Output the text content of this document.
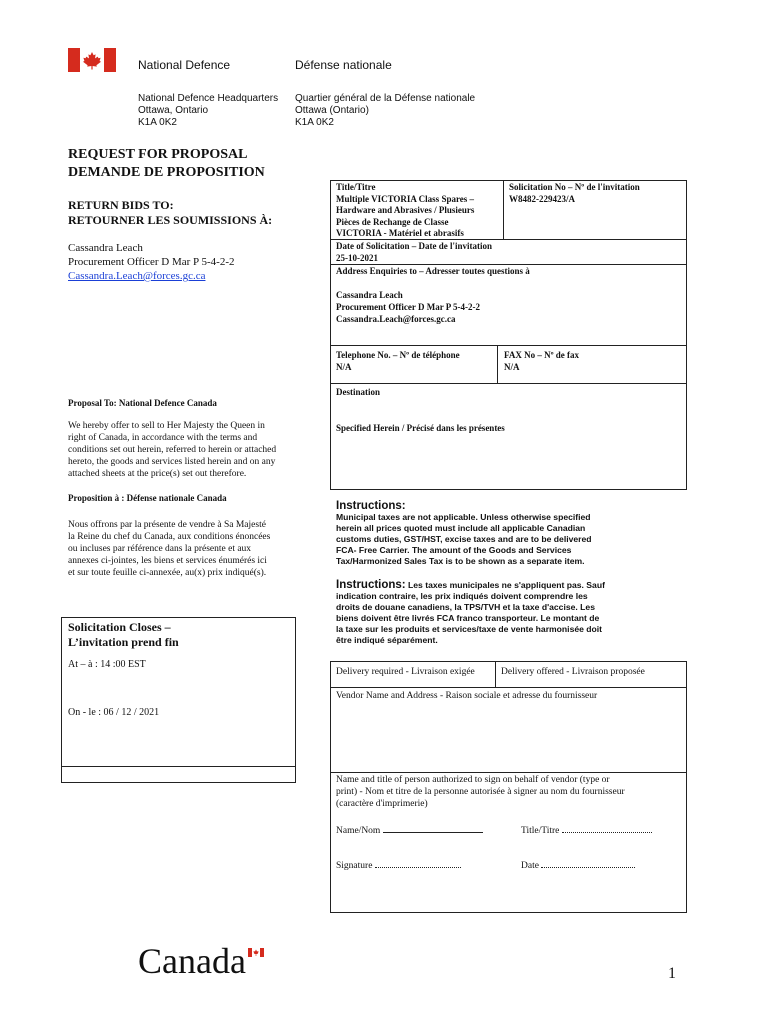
National Defence	Défense nationale
National Defence Headquarters
Ottawa, Ontario
K1A 0K2
Quartier général de la Défense nationale
Ottawa (Ontario)
K1A 0K2
REQUEST FOR PROPOSAL
DEMANDE DE PROPOSITION
RETURN BIDS TO:
RETOURNER LES SOUMISSIONS À:
Cassandra Leach
Procurement Officer D Mar P 5-4-2-2
Cassandra.Leach@forces.gc.ca
Proposal To: National Defence Canada
We hereby offer to sell to Her Majesty the Queen in
right of Canada, in accordance with the terms and
conditions set out herein, referred to herein or attached
hereto, the goods and services listed herein and on any
attached sheets at the price(s) set out therefore.
Proposition à : Défense nationale Canada
Nous offrons par la présente de vendre à Sa Majesté
la Reine du chef du Canada, aux conditions énoncées
ou incluses par référence dans la présente et aux
annexes ci-jointes, les biens et services énumérés ici
et sur toute feuille ci-annexée, au(x) prix indiqué(s).
Solicitation Closes –
L’invitation prend fin
At – à : 14 :00 EST
On - le : 06 / 12 / 2021
Title/Titre
Multiple VICTORIA Class Spares –
Hardware and Abrasives / Plusieurs
Pièces de Rechange de Classe
VICTORIA - Matériel et abrasifs
Solicitation No – Nº de l'invitation
W8482-229423/A
Date of Solicitation – Date de l'invitation
25-10-2021
Address Enquiries to – Adresser toutes questions à
Cassandra Leach
Procurement Officer D Mar P 5-4-2-2
Cassandra.Leach@forces.gc.ca
Telephone No. – Nº de téléphone
N/A
FAX No – Nº de fax
N/A
Destination
Specified Herein / Précisé dans les présentes
Instructions:
Municipal taxes are not applicable. Unless otherwise specified
herein all prices quoted must include all applicable Canadian
customs duties, GST/HST, excise taxes and are to be delivered
FCA- Free Carrier. The amount of the Goods and Services
Tax/Harmonized Sales Tax is to be shown as a separate item.
Instructions: Les taxes municipales ne s'appliquent pas. Sauf
indication contraire, les prix indiqués doivent comprendre les
droits de douane canadiens, la TPS/TVH et la taxe d'accise. Les
biens doivent être livrés FCA franco transporteur. Le montant de
la taxe sur les produits et services/taxe de vente harmonisée doit
être indiqué séparément.
Delivery required - Livraison exigée	Delivery offered - Livraison proposée
Vendor Name and Address - Raison sociale et adresse du fournisseur
Name and title of person authorized to sign on behalf of vendor (type or
print) - Nom et titre de la personne autorisée à signer au nom du fournisseur
(caractère d'imprimerie)
Name/Nom	Title/Titre
Signature	Date
Canada	1
